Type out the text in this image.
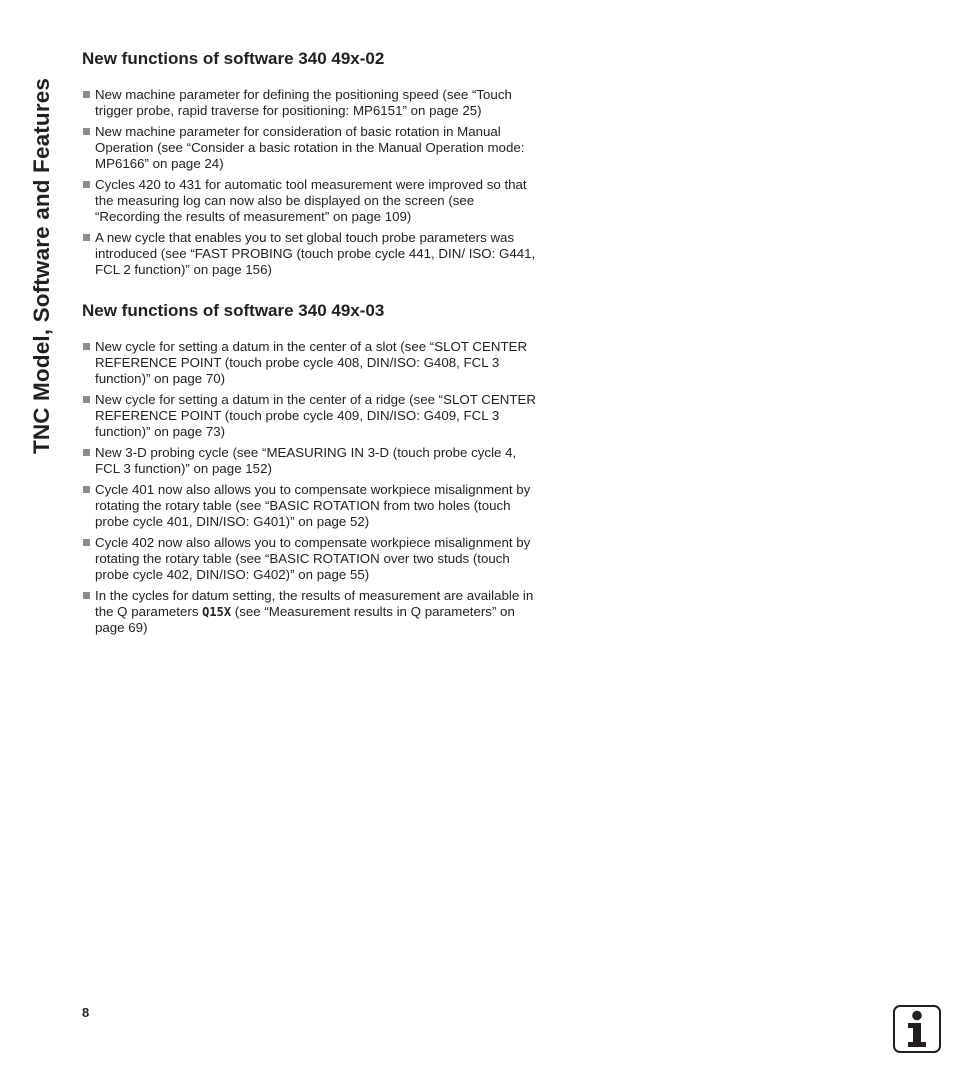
TNC Model, Software and Features
New functions of software 340 49x-02
New machine parameter for defining the positioning speed (see “Touch trigger probe, rapid traverse for positioning: MP6151” on page 25)
New machine parameter for consideration of basic rotation in Manual Operation (see “Consider a basic rotation in the Manual Operation mode: MP6166” on page 24)
Cycles 420 to 431 for automatic tool measurement were improved so that the measuring log can now also be displayed on the screen (see “Recording the results of measurement” on page 109)
A new cycle that enables you to set global touch probe parameters was introduced (see “FAST PROBING (touch probe cycle 441, DIN/ ISO: G441, FCL 2 function)” on page 156)
New functions of software 340 49x-03
New cycle for setting a datum in the center of a slot (see “SLOT CENTER REFERENCE POINT (touch probe cycle 408, DIN/ISO: G408, FCL 3 function)” on page 70)
New cycle for setting a datum in the center of a ridge (see “SLOT CENTER REFERENCE POINT (touch probe cycle 409, DIN/ISO: G409, FCL 3 function)” on page 73)
New 3-D probing cycle (see “MEASURING IN 3-D (touch probe cycle 4, FCL 3 function)” on page 152)
Cycle 401 now also allows you to compensate workpiece misalignment by rotating the rotary table (see “BASIC ROTATION from two holes (touch probe cycle 401, DIN/ISO: G401)” on page 52)
Cycle 402 now also allows you to compensate workpiece misalignment by rotating the rotary table (see “BASIC ROTATION over two studs (touch probe cycle 402, DIN/ISO: G402)” on page 55)
In the cycles for datum setting, the results of measurement are available in the Q parameters Q15X (see “Measurement results in Q parameters” on page 69)
8
